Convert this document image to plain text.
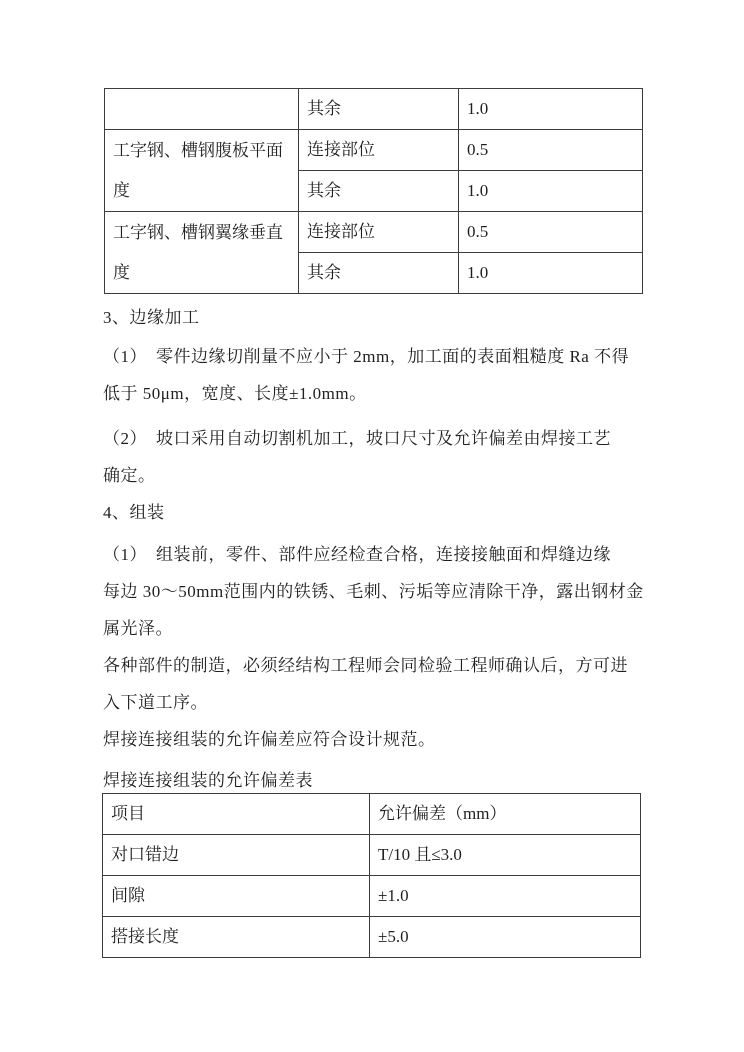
	其余	1.0
工字钢、槽钢腹板平面度	连接部位	0.5
	其余	1.0
工字钢、槽钢翼缘垂直度	连接部位	0.5
	其余	1.0
3、边缘加工
（1）　零件边缘切削量不应小于 2mm，加工面的表面粗糙度 Ra 不得
低于 50μm，宽度、长度±1.0mm。
（2）　坡口采用自动切割机加工，坡口尺寸及允许偏差由焊接工艺
确定。
4、组装
（1）　组装前，零件、部件应经检查合格，连接接触面和焊缝边缘
每边 30～50mm范围内的铁锈、毛刺、污垢等应清除干净，露出钢材金
属光泽。
各种部件的制造，必须经结构工程师会同检验工程师确认后，方可进
入下道工序。
焊接连接组装的允许偏差应符合设计规范。
焊接连接组装的允许偏差表
项目	允许偏差（mm）
对口错边	T/10 且≤3.0
间隙	±1.0
搭接长度	±5.0
